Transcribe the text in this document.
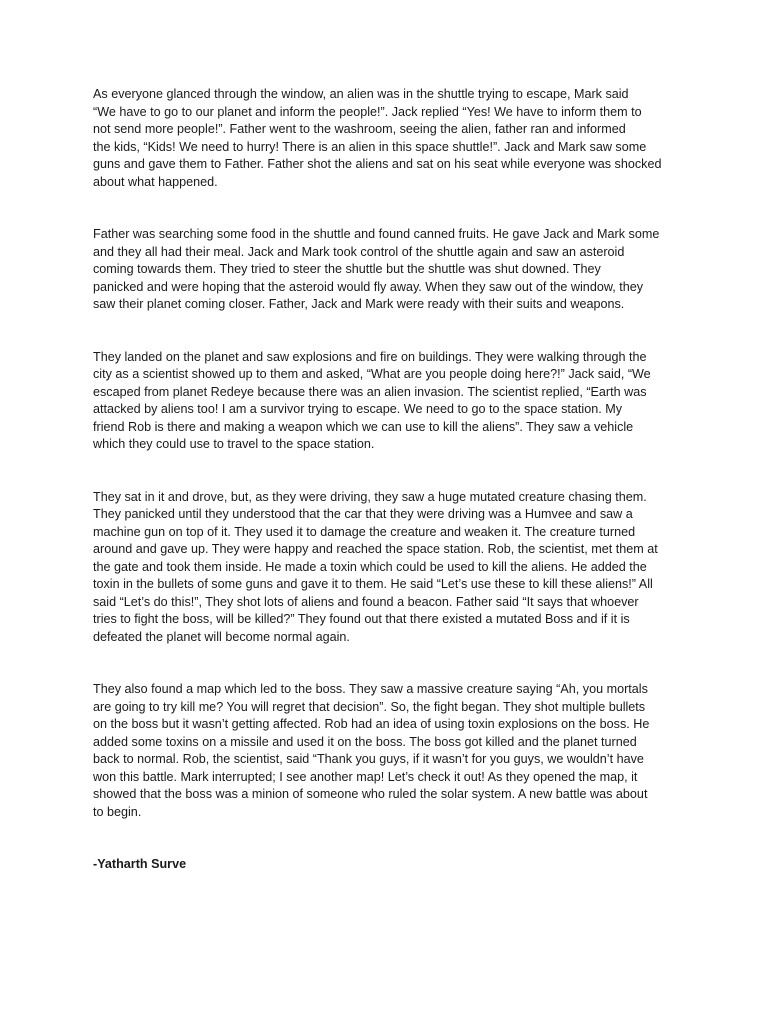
As everyone glanced through the window, an alien was in the shuttle trying to escape, Mark said
“We have to go to our planet and inform the people!”. Jack replied “Yes! We have to inform them to
not send more people!”. Father went to the washroom, seeing the alien, father ran and informed
the kids, “Kids! We need to hurry! There is an alien in this space shuttle!”. Jack and Mark saw some
guns and gave them to Father. Father shot the aliens and sat on his seat while everyone was shocked
about what happened.

Father was searching some food in the shuttle and found canned fruits. He gave Jack and Mark some
and they all had their meal. Jack and Mark took control of the shuttle again and saw an asteroid
coming towards them. They tried to steer the shuttle but the shuttle was shut downed. They
panicked and were hoping that the asteroid would fly away. When they saw out of the window, they
saw their planet coming closer. Father, Jack and Mark were ready with their suits and weapons.

They landed on the planet and saw explosions and fire on buildings. They were walking through the
city as a scientist showed up to them and asked, “What are you people doing here?!” Jack said, “We
escaped from planet Redeye because there was an alien invasion. The scientist replied, “Earth was
attacked by aliens too! I am a survivor trying to escape. We need to go to the space station. My
friend Rob is there and making a weapon which we can use to kill the aliens”. They saw a vehicle
which they could use to travel to the space station.

They sat in it and drove, but, as they were driving, they saw a huge mutated creature chasing them.
They panicked until they understood that the car that they were driving was a Humvee and saw a
machine gun on top of it. They used it to damage the creature and weaken it. The creature turned
around and gave up. They were happy and reached the space station. Rob, the scientist, met them at
the gate and took them inside. He made a toxin which could be used to kill the aliens. He added the
toxin in the bullets of some guns and gave it to them. He said “Let’s use these to kill these aliens!” All
said “Let’s do this!”, They shot lots of aliens and found a beacon. Father said “It says that whoever
tries to fight the boss, will be killed?” They found out that there existed a mutated Boss and if it is
defeated the planet will become normal again.

They also found a map which led to the boss. They saw a massive creature saying “Ah, you mortals
are going to try kill me? You will regret that decision”. So, the fight began. They shot multiple bullets
on the boss but it wasn’t getting affected. Rob had an idea of using toxin explosions on the boss. He
added some toxins on a missile and used it on the boss. The boss got killed and the planet turned
back to normal. Rob, the scientist, said “Thank you guys, if it wasn’t for you guys, we wouldn’t have
won this battle. Mark interrupted; I see another map! Let’s check it out! As they opened the map, it
showed that the boss was a minion of someone who ruled the solar system. A new battle was about
to begin.

-Yatharth Surve
